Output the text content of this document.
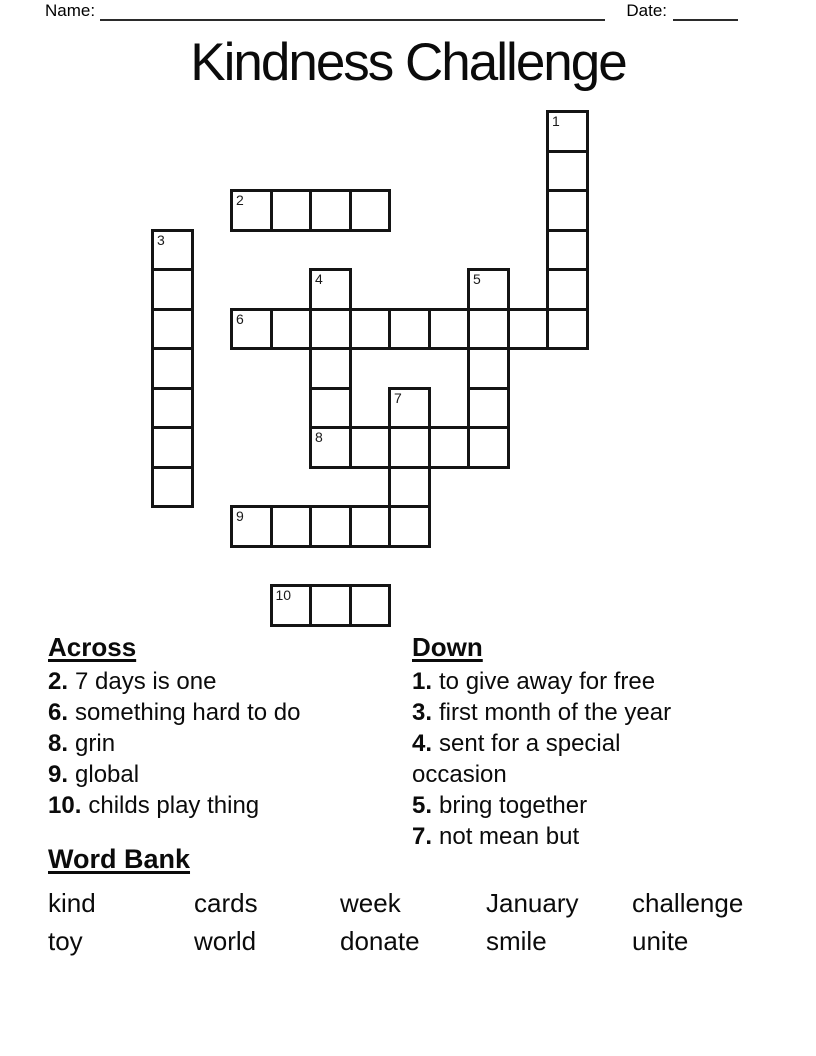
Name:	Date:
Kindness Challenge
1
2
3
4	5
6
7
8
9
10
Across
2. 7 days is one
6. something hard to do
8. grin
9. global
10. childs play thing
Down
1. to give away for free
3. first month of the year
4. sent for a special occasion
5. bring together
7. not mean but
Word Bank
kind	cards	week	January	challenge
toy	world	donate	smile	unite
